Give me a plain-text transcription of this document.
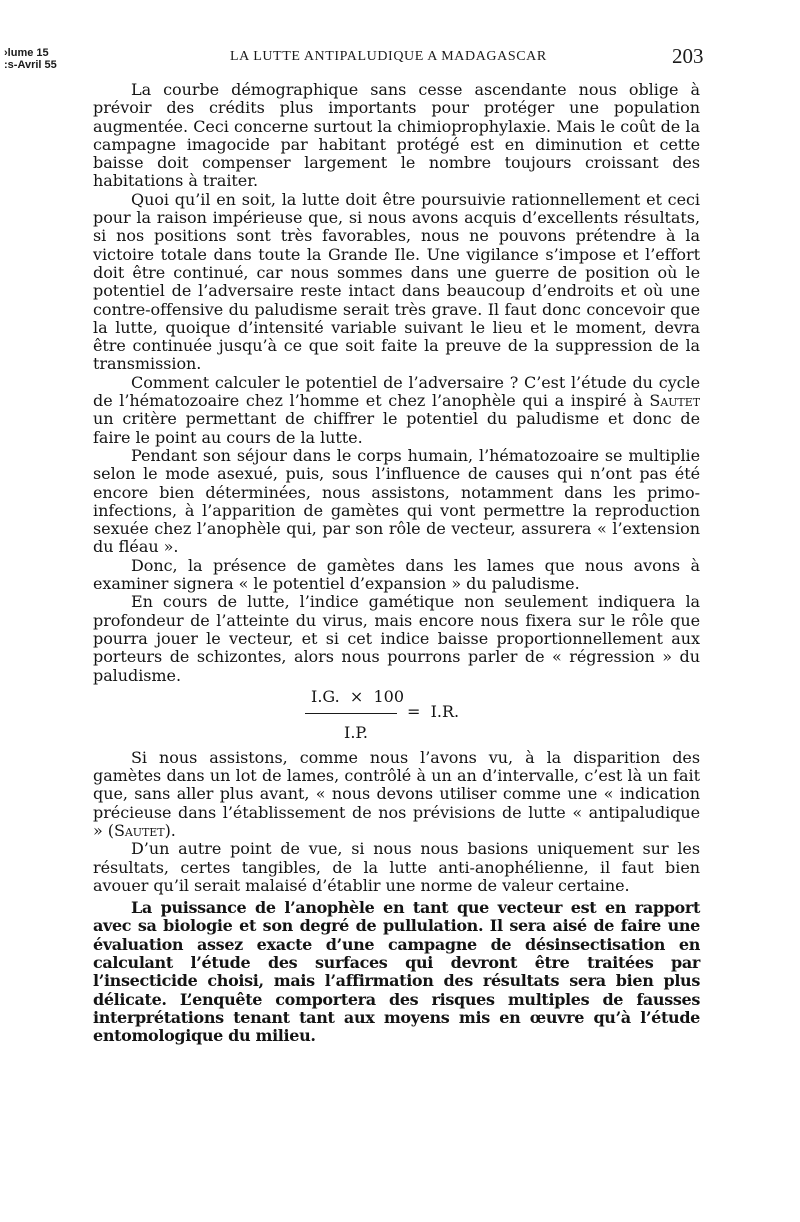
›lume 15
:s-Avril 55
LA LUTTE ANTIPALUDIQUE A MADAGASCAR	203

La courbe démographique sans cesse ascendante nous oblige à prévoir des crédits plus importants pour protéger une population augmentée. Ceci concerne surtout la chimioprophylaxie. Mais le coût de la campagne imagocide par habitant protégé est en diminution et cette baisse doit compenser largement le nombre toujours croissant des habitations à traiter.

Quoi qu’il en soit, la lutte doit être poursuivie rationnellement et ceci pour la raison impérieuse que, si nous avons acquis d’excellents résultats, si nos positions sont très favorables, nous ne pouvons prétendre à la victoire totale dans toute la Grande Ile. Une vigilance s’impose et l’effort doit être continué, car nous sommes dans une guerre de position où le potentiel de l’adversaire reste intact dans beaucoup d’endroits et où une contre-offensive du paludisme serait très grave. Il faut donc concevoir que la lutte, quoique d’intensité variable suivant le lieu et le moment, devra être continuée jusqu’à ce que soit faite la preuve de la suppression de la transmission.

Comment calculer le potentiel de l’adversaire ? C’est l’étude du cycle de l’hématozoaire chez l’homme et chez l’anophèle qui a inspiré à Sautet un critère permettant de chiffrer le potentiel du paludisme et donc de faire le point au cours de la lutte.

Pendant son séjour dans le corps humain, l’hématozoaire se multiplie selon le mode asexué, puis, sous l’influence de causes qui n’ont pas été encore bien déterminées, nous assistons, notamment dans les primo-infections, à l’apparition de gamètes qui vont permettre la reproduction sexuée chez l’anophèle qui, par son rôle de vecteur, assurera « l’extension du fléau ».

Donc, la présence de gamètes dans les lames que nous avons à examiner signera « le potentiel d’expansion » du paludisme.

En cours de lutte, l’indice gamétique non seulement indiquera la profondeur de l’atteinte du virus, mais encore nous fixera sur le rôle que pourra jouer le vecteur, et si cet indice baisse proportionnellement aux porteurs de schizontes, alors nous pourrons parler de « régression » du paludisme.

I.G.  ×  100
=  I.R.
I.P.

Si nous assistons, comme nous l’avons vu, à la disparition des gamètes dans un lot de lames, contrôlé à un an d’intervalle, c’est là un fait que, sans aller plus avant, « nous devons utiliser comme une « indication précieuse dans l’établissement de nos prévisions de lutte « antipaludique » (Sautet).

D’un autre point de vue, si nous nous basions uniquement sur les résultats, certes tangibles, de la lutte anti-anophélienne, il faut bien avouer qu’il serait malaisé d’établir une norme de valeur certaine.

La puissance de l’anophèle en tant que vecteur est en rapport avec sa biologie et son degré de pullulation. Il sera aisé de faire une évaluation assez exacte d’une campagne de désinsectisation en calculant l’étude des surfaces qui devront être traitées par l’insecticide choisi, mais l’affirmation des résultats sera bien plus délicate. L’enquête comportera des risques multiples de fausses interprétations tenant tant aux moyens mis en œuvre qu’à l’étude entomologique du milieu.
